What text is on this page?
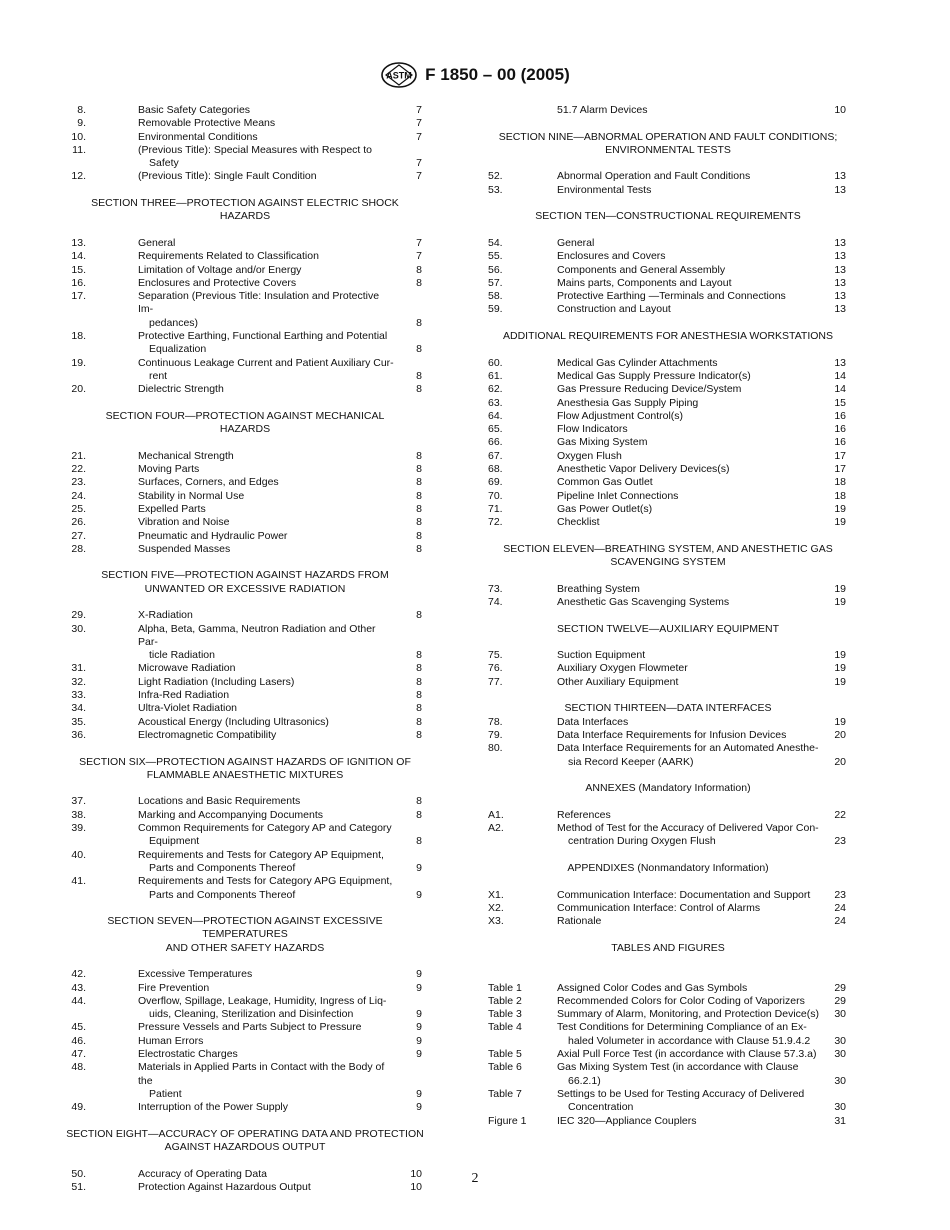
ASTM F 1850 – 00 (2005)
8.	Basic Safety Categories	7
9.	Removable Protective Means	7
10.	Environmental Conditions	7
11.	(Previous Title): Special Measures with Respect to
Safety	7
12.	(Previous Title): Single Fault Condition	7
SECTION THREE—PROTECTION AGAINST ELECTRIC SHOCK
HAZARDS
13.	General	7
14.	Requirements Related to Classification	7
15.	Limitation of Voltage and/or Energy	8
16.	Enclosures and Protective Covers	8
17.	Separation (Previous Title: Insulation and Protective Im-
pedances)	8
18.	Protective Earthing, Functional Earthing and Potential
Equalization	8
19.	Continuous Leakage Current and Patient Auxiliary Cur-
rent	8
20.	Dielectric Strength	8
SECTION FOUR—PROTECTION AGAINST MECHANICAL
HAZARDS
21.	Mechanical Strength	8
22.	Moving Parts	8
23.	Surfaces, Corners, and Edges	8
24.	Stability in Normal Use	8
25.	Expelled Parts	8
26.	Vibration and Noise	8
27.	Pneumatic and Hydraulic Power	8
28.	Suspended Masses	8
SECTION FIVE—PROTECTION AGAINST HAZARDS FROM
UNWANTED OR EXCESSIVE RADIATION
29.	X-Radiation	8
30.	Alpha, Beta, Gamma, Neutron Radiation and Other Par-
ticle Radiation	8
31.	Microwave Radiation	8
32.	Light Radiation (Including Lasers)	8
33.	Infra-Red Radiation	8
34.	Ultra-Violet Radiation	8
35.	Acoustical Energy (Including Ultrasonics)	8
36.	Electromagnetic Compatibility	8
SECTION SIX—PROTECTION AGAINST HAZARDS OF IGNITION OF
FLAMMABLE ANAESTHETIC MIXTURES
37.	Locations and Basic Requirements	8
38.	Marking and Accompanying Documents	8
39.	Common Requirements for Category AP and Category
Equipment	8
40.	Requirements and Tests for Category AP Equipment,
Parts and Components Thereof	9
41.	Requirements and Tests for Category APG Equipment,
Parts and Components Thereof	9
SECTION SEVEN—PROTECTION AGAINST EXCESSIVE TEMPERATURES
AND OTHER SAFETY HAZARDS
42.	Excessive Temperatures	9
43.	Fire Prevention	9
44.	Overflow, Spillage, Leakage, Humidity, Ingress of Liq-
uids, Cleaning, Sterilization and Disinfection	9
45.	Pressure Vessels and Parts Subject to Pressure	9
46.	Human Errors	9
47.	Electrostatic Charges	9
48.	Materials in Applied Parts in Contact with the Body of the
Patient	9
49.	Interruption of the Power Supply	9
SECTION EIGHT—ACCURACY OF OPERATING DATA AND PROTECTION
AGAINST HAZARDOUS OUTPUT
50.	Accuracy of Operating Data	10
51.	Protection Against Hazardous Output	10
51.7 Alarm Devices	10
SECTION NINE—ABNORMAL OPERATION AND FAULT CONDITIONS;
ENVIRONMENTAL TESTS
52.	Abnormal Operation and Fault Conditions	13
53.	Environmental Tests	13
SECTION TEN—CONSTRUCTIONAL REQUIREMENTS
54.	General	13
55.	Enclosures and Covers	13
56.	Components and General Assembly	13
57.	Mains parts, Components and Layout	13
58.	Protective Earthing —Terminals and Connections	13
59.	Construction and Layout	13
ADDITIONAL REQUIREMENTS FOR ANESTHESIA WORKSTATIONS
60.	Medical Gas Cylinder Attachments	13
61.	Medical Gas Supply Pressure Indicator(s)	14
62.	Gas Pressure Reducing Device/System	14
63.	Anesthesia Gas Supply Piping	15
64.	Flow Adjustment Control(s)	16
65.	Flow Indicators	16
66.	Gas Mixing System	16
67.	Oxygen Flush	17
68.	Anesthetic Vapor Delivery Devices(s)	17
69.	Common Gas Outlet	18
70.	Pipeline Inlet Connections	18
71.	Gas Power Outlet(s)	19
72.	Checklist	19
SECTION ELEVEN—BREATHING SYSTEM, AND ANESTHETIC GAS
SCAVENGING SYSTEM
73.	Breathing System	19
74.	Anesthetic Gas Scavenging Systems	19
SECTION TWELVE—AUXILIARY EQUIPMENT
75.	Suction Equipment	19
76.	Auxiliary Oxygen Flowmeter	19
77.	Other Auxiliary Equipment	19
SECTION THIRTEEN—DATA INTERFACES
78.	Data Interfaces	19
79.	Data Interface Requirements for Infusion Devices	20
80.	Data Interface Requirements for an Automated Anesthe-
sia Record Keeper (AARK)	20
ANNEXES (Mandatory Information)
A1.	References	22
A2.	Method of Test for the Accuracy of Delivered Vapor Con-
centration During Oxygen Flush	23
APPENDIXES (Nonmandatory Information)
X1.	Communication Interface: Documentation and Support 23
X2.	Communication Interface: Control of Alarms	24
X3.	Rationale	24
TABLES AND FIGURES
Table 1	Assigned Color Codes and Gas Symbols	29
Table 2	Recommended Colors for Color Coding of Vaporizers	29
Table 3	Summary of Alarm, Monitoring, and Protection Device(s) 30
Table 4	Test Conditions for Determining Compliance of an Ex-
haled Volumeter in accordance with Clause 51.9.4.2	30
Table 5	Axial Pull Force Test (in accordance with Clause 57.3.a) 30
Table 6	Gas Mixing System Test (in accordance with Clause
66.2.1)	30
Table 7	Settings to be Used for Testing Accuracy of Delivered
Concentration	30
Figure 1	IEC 320—Appliance Couplers	31
2
